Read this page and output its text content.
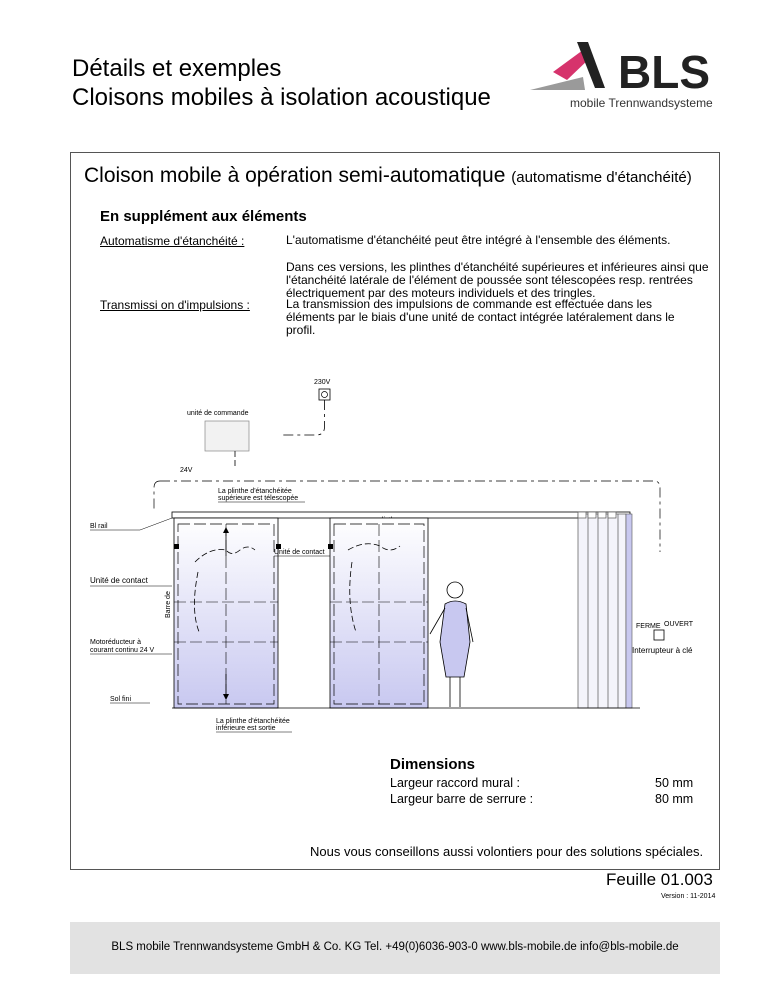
Détails et exemples
Cloisons mobiles à isolation acoustique	BLS
mobile Trennwandsysteme
Cloison mobile à opération semi-automatique (automatisme d'étanchéité)
En supplément aux éléments
Automatisme d'étanchéité :	L'automatisme d'étanchéité peut être intégré à l'ensemble des éléments.
Dans ces versions, les plinthes d'étanchéité supérieures et inférieures ainsi que l'étanchéité latérale de l'élément de poussée sont télescopées resp. rentrées électriquement par des moteurs individuels et des tringles.
Transmissi on d'impulsions :	La transmission des impulsions de commande est effectuée dans les éléments par le biais d'une unité de contact intégrée latéralement dans le profil.
230V
unité de commande
24V
La plinthe d'étanchéitée
supérieure est télescopée
Bl rail
Unité de contact
Unité de contact
Barre de
Motoréducteur à
courant continu 24 V
FERME OUVERT
Interrupteur à clé
Sol fini
La plinthe d'étanchéitée
inférieure est sortie
Dimensions
Largeur raccord mural :	50 mm
Largeur barre de serrure :	80 mm
Nous vous conseillons aussi volontiers pour des solutions spéciales.
Feuille 01.003
Version : 11-2014
BLS mobile Trennwandsysteme GmbH & Co. KG Tel. +49(0)6036-903-0 www.bls-mobile.de info@bls-mobile.de
